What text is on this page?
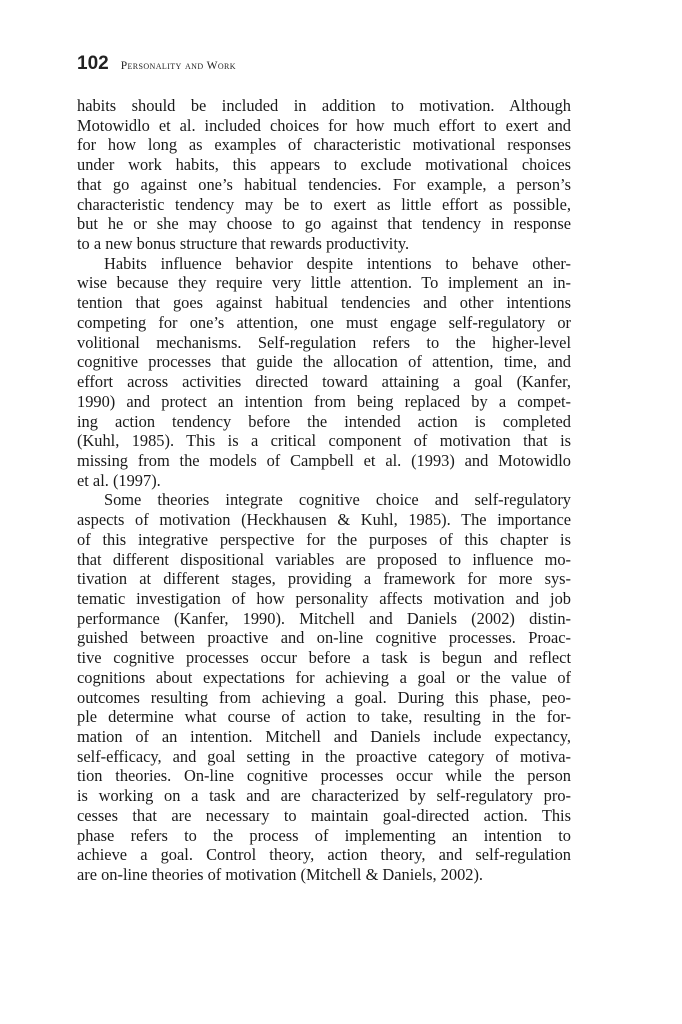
102 Personality and Work
habits should be included in addition to motivation. Although
Motowidlo et al. included choices for how much effort to exert and
for how long as examples of characteristic motivational responses
under work habits, this appears to exclude motivational choices
that go against one’s habitual tendencies. For example, a person’s
characteristic tendency may be to exert as little effort as possible,
but he or she may choose to go against that tendency in response
to a new bonus structure that rewards productivity.
Habits influence behavior despite intentions to behave other-
wise because they require very little attention. To implement an in-
tention that goes against habitual tendencies and other intentions
competing for one’s attention, one must engage self-regulatory or
volitional mechanisms. Self-regulation refers to the higher-level
cognitive processes that guide the allocation of attention, time, and
effort across activities directed toward attaining a goal (Kanfer,
1990) and protect an intention from being replaced by a compet-
ing action tendency before the intended action is completed
(Kuhl, 1985). This is a critical component of motivation that is
missing from the models of Campbell et al. (1993) and Motowidlo
et al. (1997).
Some theories integrate cognitive choice and self-regulatory
aspects of motivation (Heckhausen & Kuhl, 1985). The importance
of this integrative perspective for the purposes of this chapter is
that different dispositional variables are proposed to influence mo-
tivation at different stages, providing a framework for more sys-
tematic investigation of how personality affects motivation and job
performance (Kanfer, 1990). Mitchell and Daniels (2002) distin-
guished between proactive and on-line cognitive processes. Proac-
tive cognitive processes occur before a task is begun and reflect
cognitions about expectations for achieving a goal or the value of
outcomes resulting from achieving a goal. During this phase, peo-
ple determine what course of action to take, resulting in the for-
mation of an intention. Mitchell and Daniels include expectancy,
self-efficacy, and goal setting in the proactive category of motiva-
tion theories. On-line cognitive processes occur while the person
is working on a task and are characterized by self-regulatory pro-
cesses that are necessary to maintain goal-directed action. This
phase refers to the process of implementing an intention to
achieve a goal. Control theory, action theory, and self-regulation
are on-line theories of motivation (Mitchell & Daniels, 2002).
